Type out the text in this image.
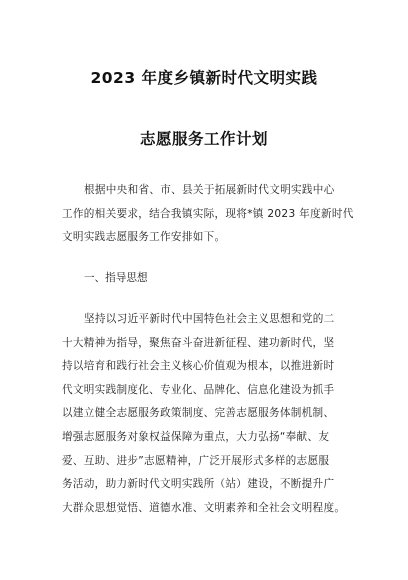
2023 年度乡镇新时代文明实践
志愿服务工作计划
根据中央和省、市、县关于拓展新时代文明实践中心
工作的相关要求，结合我镇实际，现将*镇 2023 年度新时代
文明实践志愿服务工作安排如下。
一、指导思想
坚持以习近平新时代中国特色社会主义思想和党的二
十大精神为指导，聚焦奋斗奋进新征程、建功新时代，坚
持以培育和践行社会主义核心价值观为根本，以推进新时
代文明实践制度化、专业化、品牌化、信息化建设为抓手
以建立健全志愿服务政策制度、完善志愿服务体制机制、
增强志愿服务对象权益保障为重点，大力弘扬“奉献、友
爱、互助、进步”志愿精神，广泛开展形式多样的志愿服
务活动，助力新时代文明实践所（站）建设，不断提升广
大群众思想觉悟、道德水准、文明素养和全社会文明程度。
